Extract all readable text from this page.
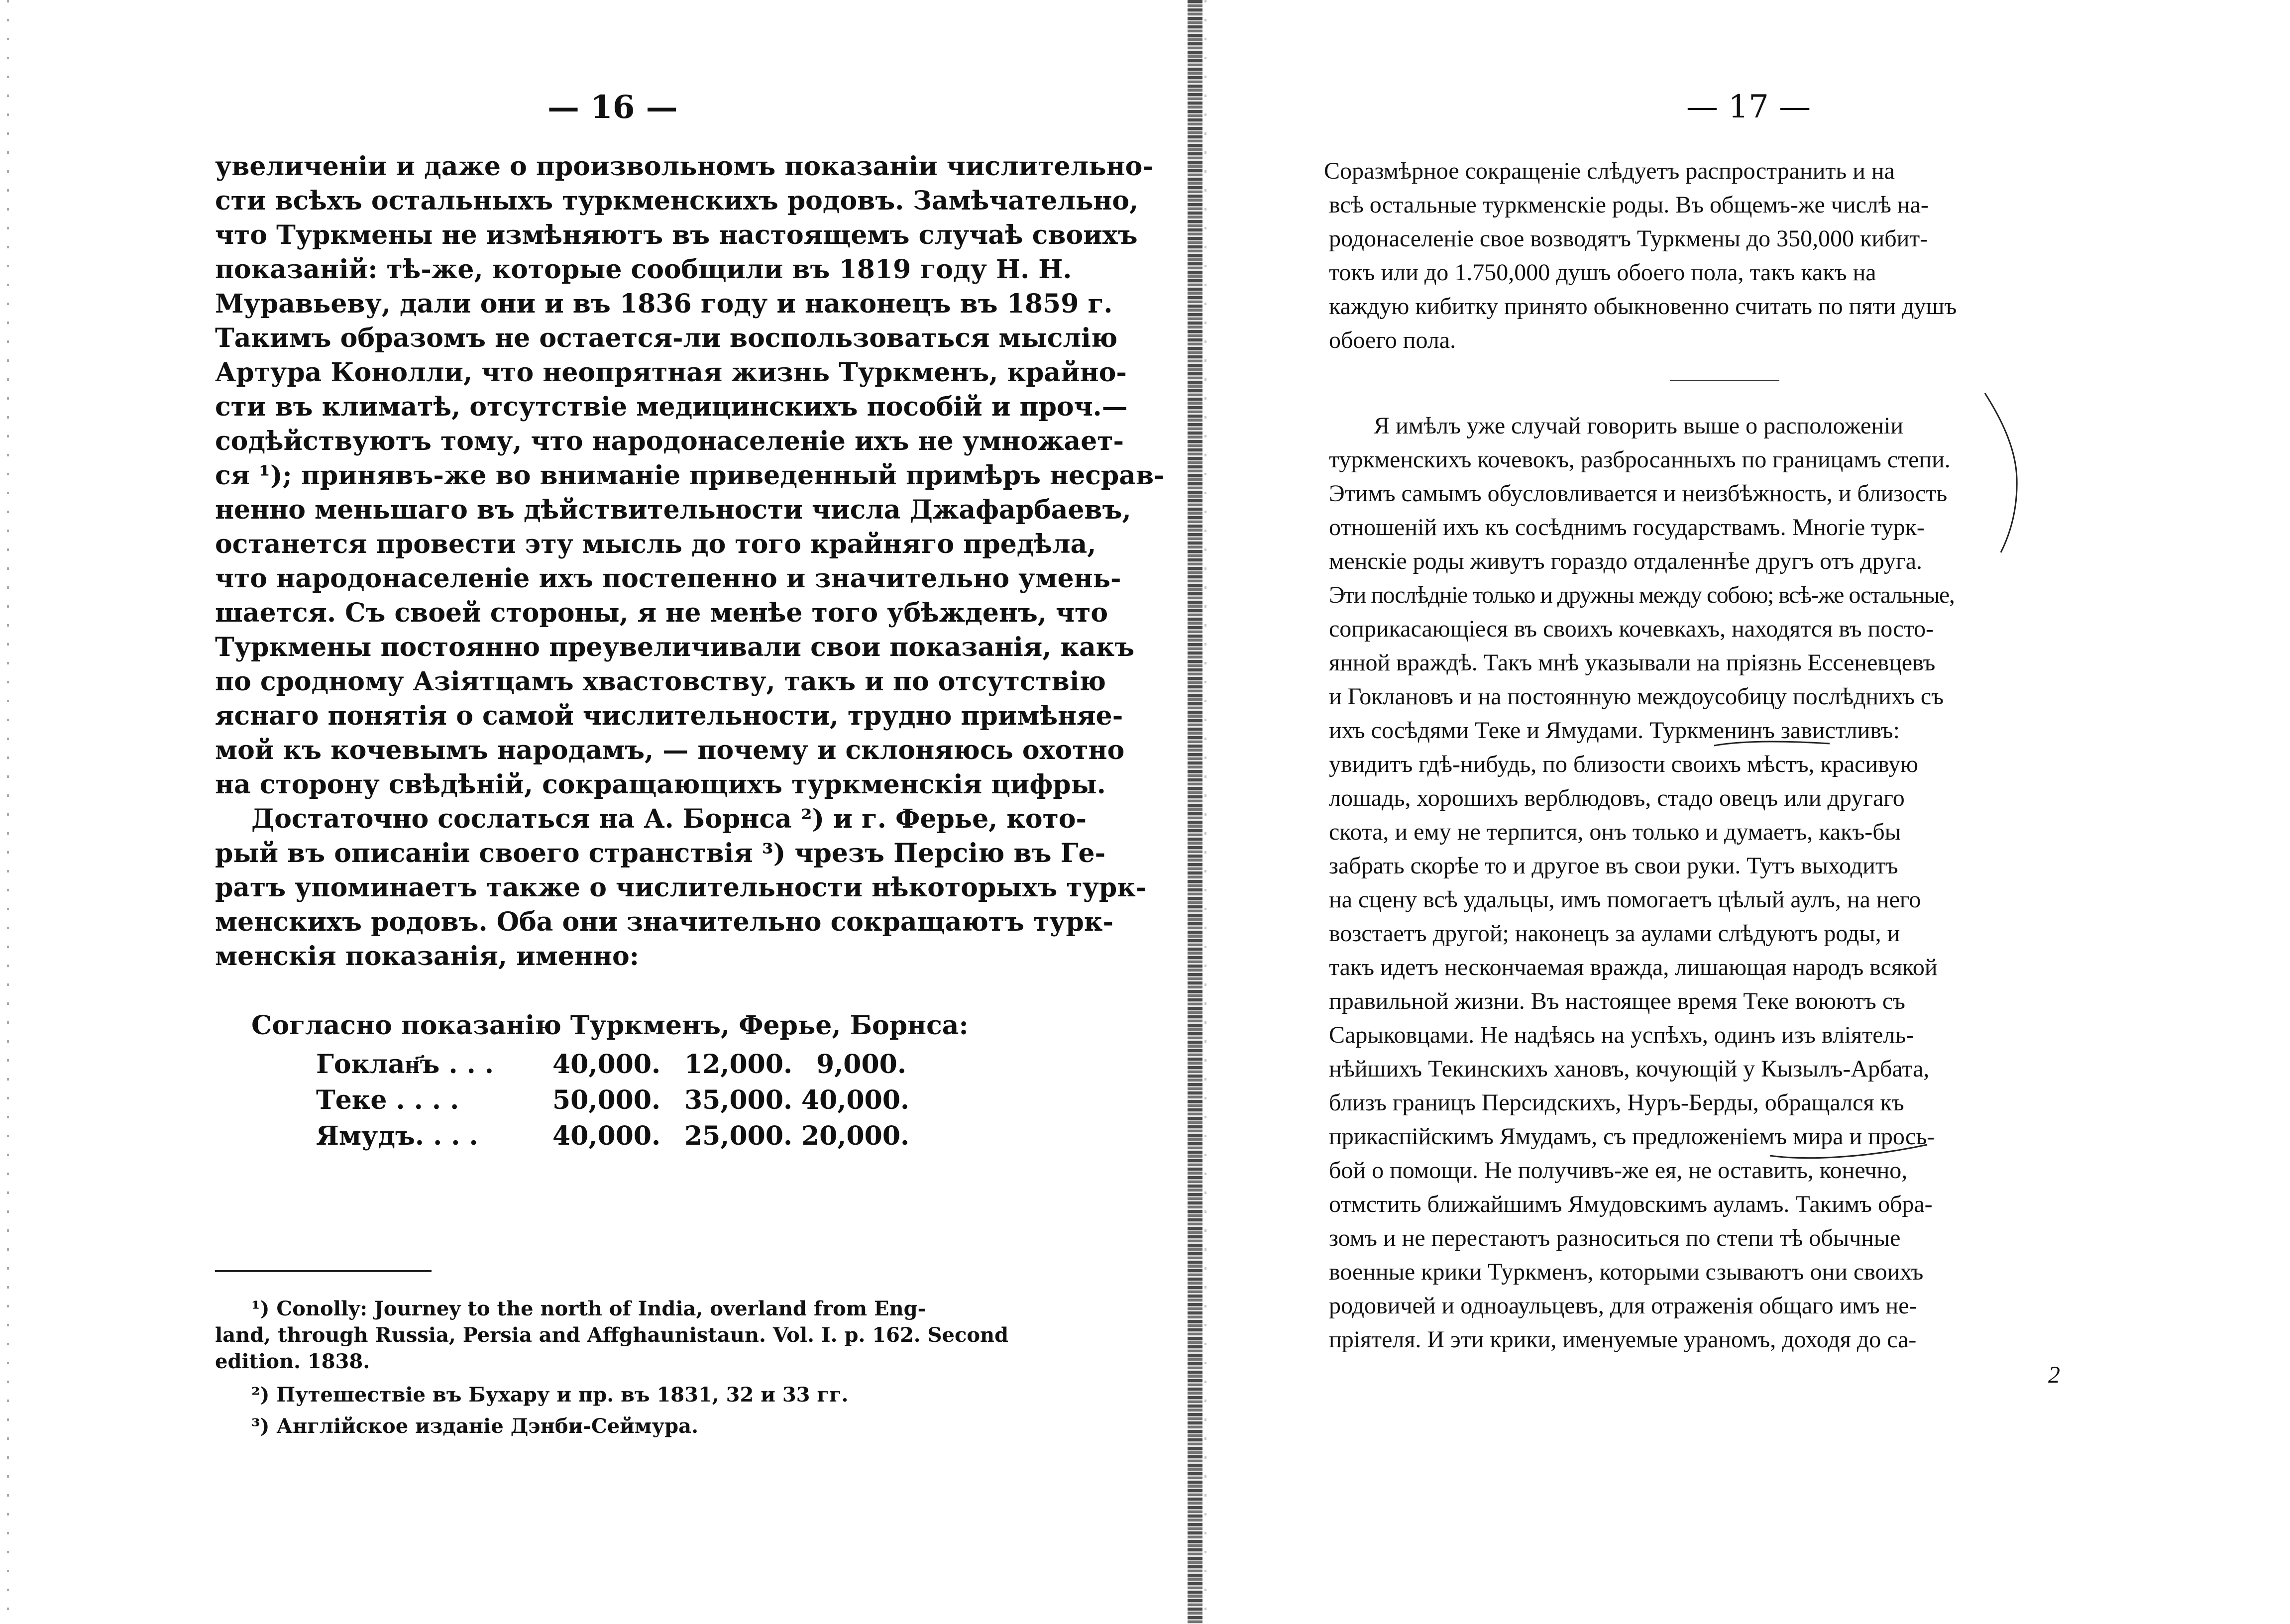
— 16 —
увеличеніи и даже о произвольномъ показаніи числительно-
сти всѣхъ остальныхъ туркменскихъ родовъ. Замѣчательно,
что Туркмены не измѣняютъ въ настоящемъ случаѣ своихъ
показаній: тѣ-же, которые сообщили въ 1819 году Н. Н.
Муравьеву, дали они и въ 1836 году и наконецъ въ 1859 г.
Такимъ образомъ не остается-ли воспользоваться мыслію
Артура Конолли, что неопрятная жизнь Туркменъ, крайно-
сти въ климатѣ, отсутствіе медицинскихъ пособій и проч.—
содѣйствуютъ тому, что народонаселеніе ихъ не умножает-
ся ¹); принявъ-же во вниманіе приведенный примѣръ несрав-
ненно меньшаго въ дѣйствительности числа Джафарбаевъ,
останется провести эту мысль до того крайняго предѣла,
что народонаселеніе ихъ постепенно и значительно умень-
шается. Съ своей стороны, я не менѣе того убѣжденъ, что
Туркмены постоянно преувеличивали свои показанія, какъ
по сродному Азіятцамъ хвастовству, такъ и по отсутствію
яснаго понятія о самой числительности, трудно примѣняе-
мой къ кочевымъ народамъ, — почему и склоняюсь охотно
на сторону свѣдѣній, сокращающихъ туркменскія цифры.
Достаточно сослаться на А. Борнса ²) и г. Ферье, кото-
рый въ описаніи своего странствія ³) чрезъ Персію въ Ге-
ратъ упоминаетъ также о числительности нѣкоторыхъ турк-
менскихъ родовъ. Оба они значительно сокращаютъ турк-
менскія показанія, именно:
Согласно показанію Туркменъ, Ферье, Борнса:
Гоклан҃ъ . . . 40,000. 12,000. 9,000.
Теке . . . .	50,000. 35,000. 40,000.
Ямудъ. . . .	40,000. 25,000. 20,000.
¹) Conolly: Journey to the north of India, overland from Eng-
land, through Russia, Persia and Affghaunistaun. Vol. I. p. 162. Second
edition. 1838.
²) Путешествіе въ Бухару и пр. въ 1831, 32 и 33 гг.
³) Англійское изданіе Дэнби-Сеймура.
— 17 —
Соразмѣрное сокращеніе слѣдуетъ распространить и на
всѣ остальные туркменскіе роды. Въ общемъ-же числѣ на-
родонаселеніе свое возводятъ Туркмены до 350,000 кибит-
токъ или до 1.750,000 душъ обоего пола, такъ какъ на
каждую кибитку принято обыкновенно считать по пяти душъ
обоего пола.
Я имѣлъ уже случай говорить выше о расположеніи
туркменскихъ кочевокъ, разбросанныхъ по границамъ степи.
Этимъ самымъ обусловливается и неизбѣжность, и близость
отношеній ихъ къ сосѣднимъ государствамъ. Многіе турк-
менскіе роды живутъ гораздо отдаленнѣе другъ отъ друга.
Эти послѣдніе только и дружны между собою; всѣ-же остальные,
соприкасающіеся въ своихъ кочевкахъ, находятся въ посто-
янной враждѣ. Такъ мнѣ указывали на пріязнь Ессеневцевъ
и Гоклановъ и на постоянную междоусобицу послѣднихъ съ
ихъ сосѣдями Теке и Ямудами. Туркменинъ завистливъ:
увидитъ гдѣ-нибудь, по близости своихъ мѣстъ, красивую
лошадь, хорошихъ верблюдовъ, стадо овецъ или другаго
скота, и ему не терпится, онъ только и думаетъ, какъ-бы
забрать скорѣе то и другое въ свои руки. Тутъ выходитъ
на сцену всѣ удальцы, имъ помогаетъ цѣлый аулъ, на него
возстаетъ другой; наконецъ за аулами слѣдуютъ роды, и
такъ идетъ нескончаемая вражда, лишающая народъ всякой
правильной жизни. Въ настоящее время Теке воюютъ съ
Сарыковцами. Не надѣясь на успѣхъ, одинъ изъ вліятель-
нѣйшихъ Текинскихъ хановъ, кочующій у Кызылъ-Арбата,
близъ границъ Персидскихъ, Нуръ-Берды, обращался къ
прикаспійскимъ Ямудамъ, съ предложеніемъ мира и прось-
бой о помощи. Не получивъ-же ея, не оставить, конечно,
отмстить ближайшимъ Ямудовскимъ ауламъ. Такимъ обра-
зомъ и не перестаютъ разноситься по степи тѣ обычные
военные крики Туркменъ, которыми сзываютъ они своихъ
родовичей и одноаульцевъ, для отраженія общаго имъ не-
пріятеля. И эти крики, именуемые ураномъ, доходя до са-
2
